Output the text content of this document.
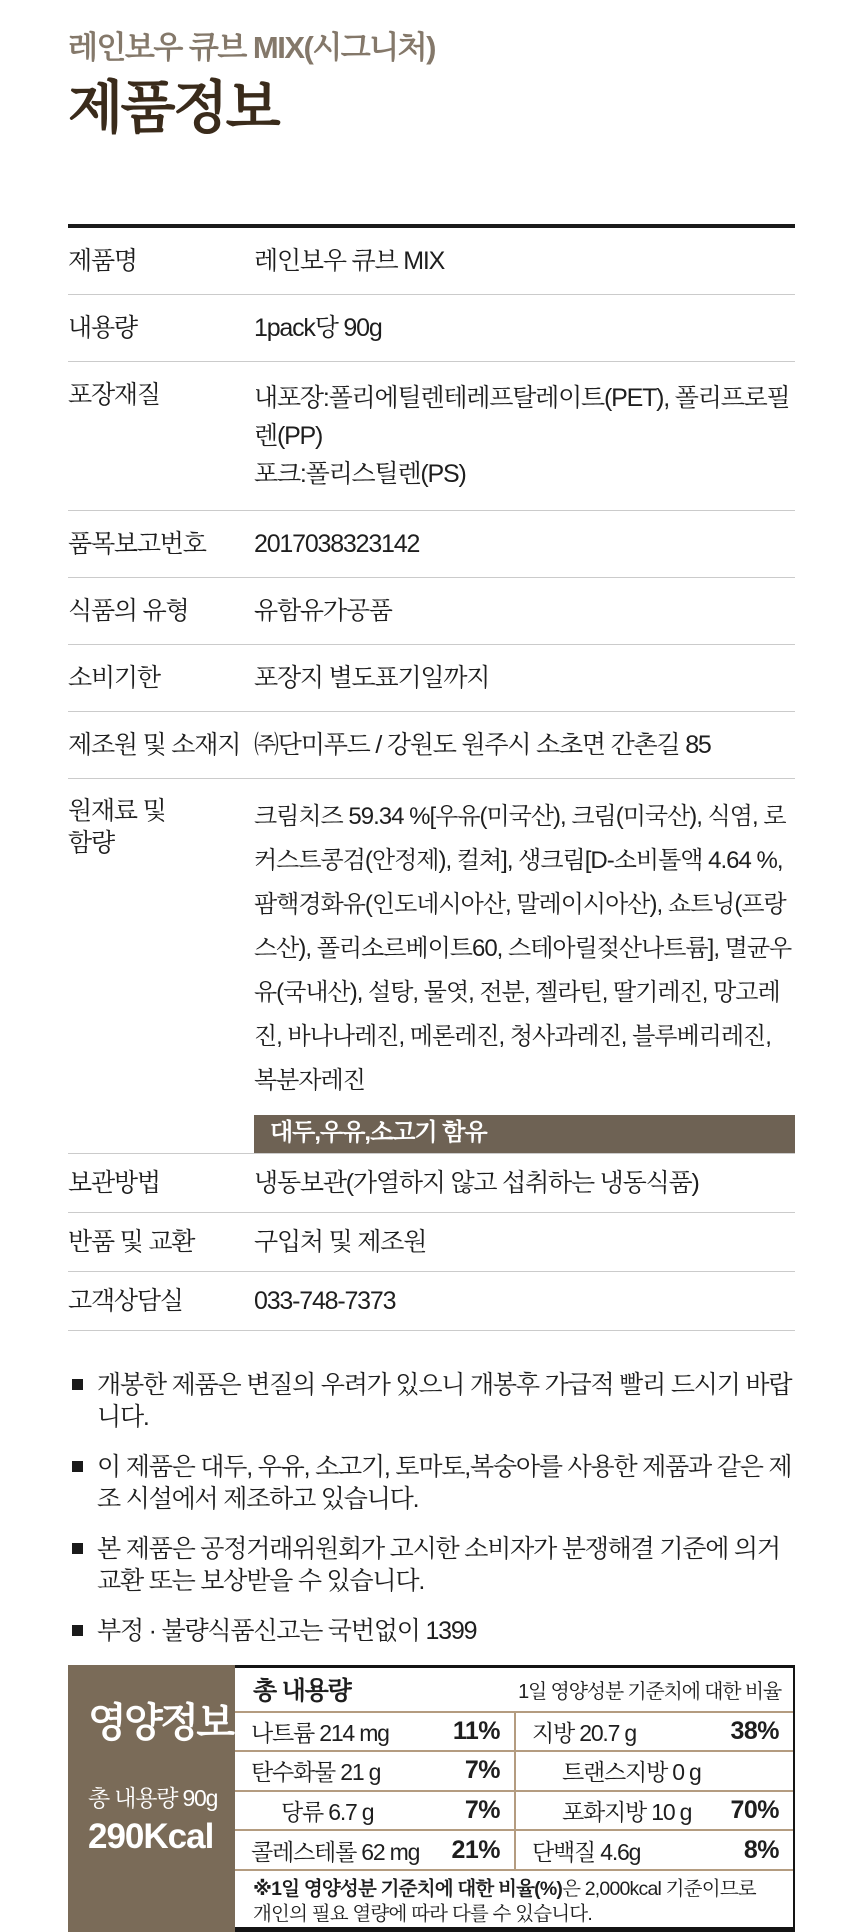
레인보우 큐브 MIX(시그니처)
제품정보
제품명	레인보우 큐브 MIX
내용량	1pack당 90g
포장재질	내포장:폴리에틸렌테레프탈레이트(PET), 폴리프로필렌(PP)
포크:폴리스틸렌(PS)
품목보고번호	2017038323142
식품의 유형	유함유가공품
소비기한	포장지 별도표기일까지
제조원 및 소재지 ㈜단미푸드 / 강원도 원주시 소초면 간촌길 85
원재료 및
함량
크림치즈 59.34 %[우유(미국산), 크림(미국산), 식염, 로커스트콩검(안정제), 컬쳐], 생크림[D-소비톨액 4.64 %, 팜핵경화유(인도네시아산, 말레이시아산), 쇼트닝(프랑스산), 폴리소르베이트60, 스테아릴젖산나트륨], 멸균우유(국내산), 설탕, 물엿, 전분, 젤라틴, 딸기레진, 망고레진, 바나나레진, 메론레진, 청사과레진, 블루베리레진, 복분자레진
대두,우유,소고기 함유
보관방법	냉동보관(가열하지 않고 섭취하는 냉동식품)
반품 및 교환	구입처 및 제조원
고객상담실	033-748-7373
개봉한 제품은 변질의 우려가 있으니 개봉후 가급적 빨리 드시기 바랍니다.
이 제품은 대두, 우유, 소고기, 토마토,복숭아를 사용한 제품과 같은 제조 시설에서 제조하고 있습니다.
본 제품은 공정거래위원회가 고시한 소비자가 분쟁해결 기준에 의거 교환 또는 보상받을 수 있습니다.
부정 · 불량식품신고는 국번없이 1399
영양정보
총 내용량 90g
290Kcal
총 내용량	1일 영양성분 기준치에 대한 비율
나트륨 214 mg	11% 지방 20.7 g	38%
탄수화물 21 g	7%	트랜스지방 0 g
당류 6.7 g	7%	포화지방 10 g 70%
콜레스테롤 62 mg 21% 단백질 4.6g	8%
※1일 영양성분 기준치에 대한 비율(%)은 2,000kcal 기준이므로 개인의 필요 열량에 따라 다를 수 있습니다.
